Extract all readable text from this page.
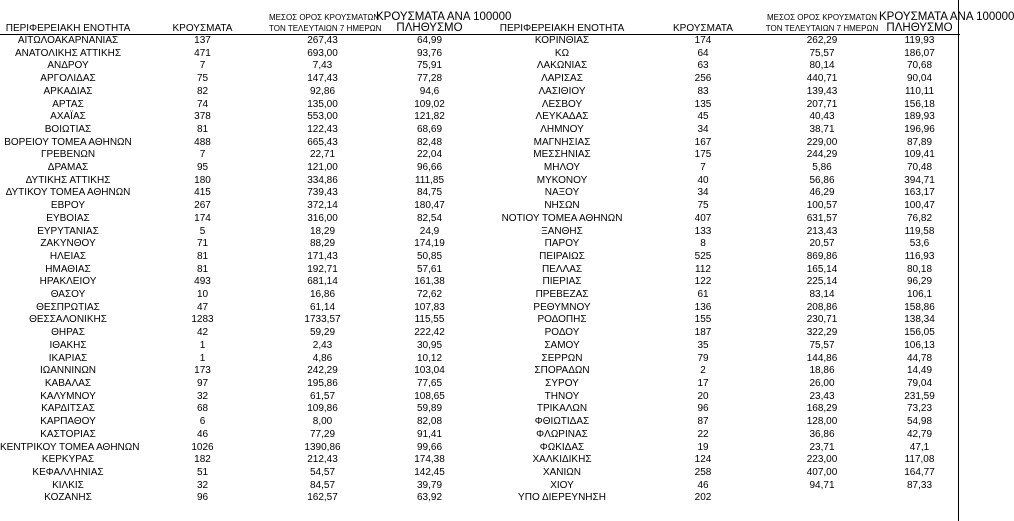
ΠΕΡΙΦΕΡΕΙΑΚΗ ΕΝΟΤΗΤΑ	ΚΡΟΥΣΜΑΤΑ	ΜΕΣΟΣ ΟΡΟΣ ΚΡΟΥΣΜΑΤΩΝ
ΤΟΝ ΤΕΛΕΥΤΑΙΩΝ 7 ΗΜΕΡΩΝ	ΚΡΟΥΣΜΑΤΑ ΑΝΑ 100000
ΠΛΗΘΥΣΜΟ	ΠΕΡΙΦΕΡΕΙΑΚΗ ΕΝΟΤΗΤΑ	ΚΡΟΥΣΜΑΤΑ	ΜΕΣΟΣ ΟΡΟΣ ΚΡΟΥΣΜΑΤΩΝ
ΤΟΝ ΤΕΛΕΥΤΑΙΩΝ 7 ΗΜΕΡΩΝ	ΚΡΟΥΣΜΑΤΑ ΑΝΑ 100000
ΠΛΗΘΥΣΜΟ

ΑΙΤΩΛΟΑΚΑΡΝΑΝΙΑΣ	137	267,43	64,99	ΚΟΡΙΝΘΙΑΣ	174	262,29	119,93
ΑΝΑΤΟΛΙΚΗΣ ΑΤΤΙΚΗΣ	471	693,00	93,76	ΚΩ	64	75,57	186,07
ΑΝΔΡΟΥ	7	7,43	75,91	ΛΑΚΩΝΙΑΣ	63	80,14	70,68
ΑΡΓΟΛΙΔΑΣ	75	147,43	77,28	ΛΑΡΙΣΑΣ	256	440,71	90,04
ΑΡΚΑΔΙΑΣ	82	92,86	94,6	ΛΑΣΙΘΙΟΥ	83	139,43	110,11
ΑΡΤΑΣ	74	135,00	109,02	ΛΕΣΒΟΥ	135	207,71	156,18
ΑΧΑΪΑΣ	378	553,00	121,82	ΛΕΥΚΑΔΑΣ	45	40,43	189,93
ΒΟΙΩΤΙΑΣ	81	122,43	68,69	ΛΗΜΝΟΥ	34	38,71	196,96
ΒΟΡΕΙΟΥ ΤΟΜΕΑ ΑΘΗΝΩΝ	488	665,43	82,48	ΜΑΓΝΗΣΙΑΣ	167	229,00	87,89
ΓΡΕΒΕΝΩΝ	7	22,71	22,04	ΜΕΣΣΗΝΙΑΣ	175	244,29	109,41
ΔΡΑΜΑΣ	95	121,00	96,66	ΜΗΛΟΥ	7	5,86	70,48
ΔΥΤΙΚΗΣ ΑΤΤΙΚΗΣ	180	334,86	111,85	ΜΥΚΟΝΟΥ	40	56,86	394,71
ΔΥΤΙΚΟΥ ΤΟΜΕΑ ΑΘΗΝΩΝ	415	739,43	84,75	ΝΑΞΟΥ	34	46,29	163,17
ΕΒΡΟΥ	267	372,14	180,47	ΝΗΣΩΝ	75	100,57	100,47
ΕΥΒΟΙΑΣ	174	316,00	82,54	ΝΟΤΙΟΥ ΤΟΜΕΑ ΑΘΗΝΩΝ	407	631,57	76,82
ΕΥΡΥΤΑΝΙΑΣ	5	18,29	24,9	ΞΑΝΘΗΣ	133	213,43	119,58
ΖΑΚΥΝΘΟΥ	71	88,29	174,19	ΠΑΡΟΥ	8	20,57	53,6
ΗΛΕΙΑΣ	81	171,43	50,85	ΠΕΙΡΑΙΩΣ	525	869,86	116,93
ΗΜΑΘΙΑΣ	81	192,71	57,61	ΠΕΛΛΑΣ	112	165,14	80,18
ΗΡΑΚΛΕΙΟΥ	493	681,14	161,38	ΠΙΕΡΙΑΣ	122	225,14	96,29
ΘΑΣΟΥ	10	16,86	72,62	ΠΡΕΒΕΖΑΣ	61	83,14	106,1
ΘΕΣΠΡΩΤΙΑΣ	47	61,14	107,83	ΡΕΘΥΜΝΟΥ	136	208,86	158,86
ΘΕΣΣΑΛΟΝΙΚΗΣ	1283	1733,57	115,55	ΡΟΔΟΠΗΣ	155	230,71	138,34
ΘΗΡΑΣ	42	59,29	222,42	ΡΟΔΟΥ	187	322,29	156,05
ΙΘΑΚΗΣ	1	2,43	30,95	ΣΑΜΟΥ	35	75,57	106,13
ΙΚΑΡΙΑΣ	1	4,86	10,12	ΣΕΡΡΩΝ	79	144,86	44,78
ΙΩΑΝΝΙΝΩΝ	173	242,29	103,04	ΣΠΟΡΑΔΩΝ	2	18,86	14,49
ΚΑΒΑΛΑΣ	97	195,86	77,65	ΣΥΡΟΥ	17	26,00	79,04
ΚΑΛΥΜΝΟΥ	32	61,57	108,65	ΤΗΝΟΥ	20	23,43	231,59
ΚΑΡΔΙΤΣΑΣ	68	109,86	59,89	ΤΡΙΚΑΛΩΝ	96	168,29	73,23
ΚΑΡΠΑΘΟΥ	6	8,00	82,08	ΦΘΙΩΤΙΔΑΣ	87	128,00	54,98
ΚΑΣΤΟΡΙΑΣ	46	77,29	91,41	ΦΛΩΡΙΝΑΣ	22	36,86	42,79
ΚΕΝΤΡΙΚΟΥ ΤΟΜΕΑ ΑΘΗΝΩΝ	1026	1390,86	99,66	ΦΩΚΙΔΑΣ	19	23,71	47,1
ΚΕΡΚΥΡΑΣ	182	212,43	174,38	ΧΑΛΚΙΔΙΚΗΣ	124	223,00	117,08
ΚΕΦΑΛΛΗΝΙΑΣ	51	54,57	142,45	ΧΑΝΙΩΝ	258	407,00	164,77
ΚΙΛΚΙΣ	32	84,57	39,79	ΧΙΟΥ	46	94,71	87,33
ΚΟΖΑΝΗΣ	96	162,57	63,92	ΥΠΟ ΔΙΕΡΕΥΝΗΣΗ	202		
